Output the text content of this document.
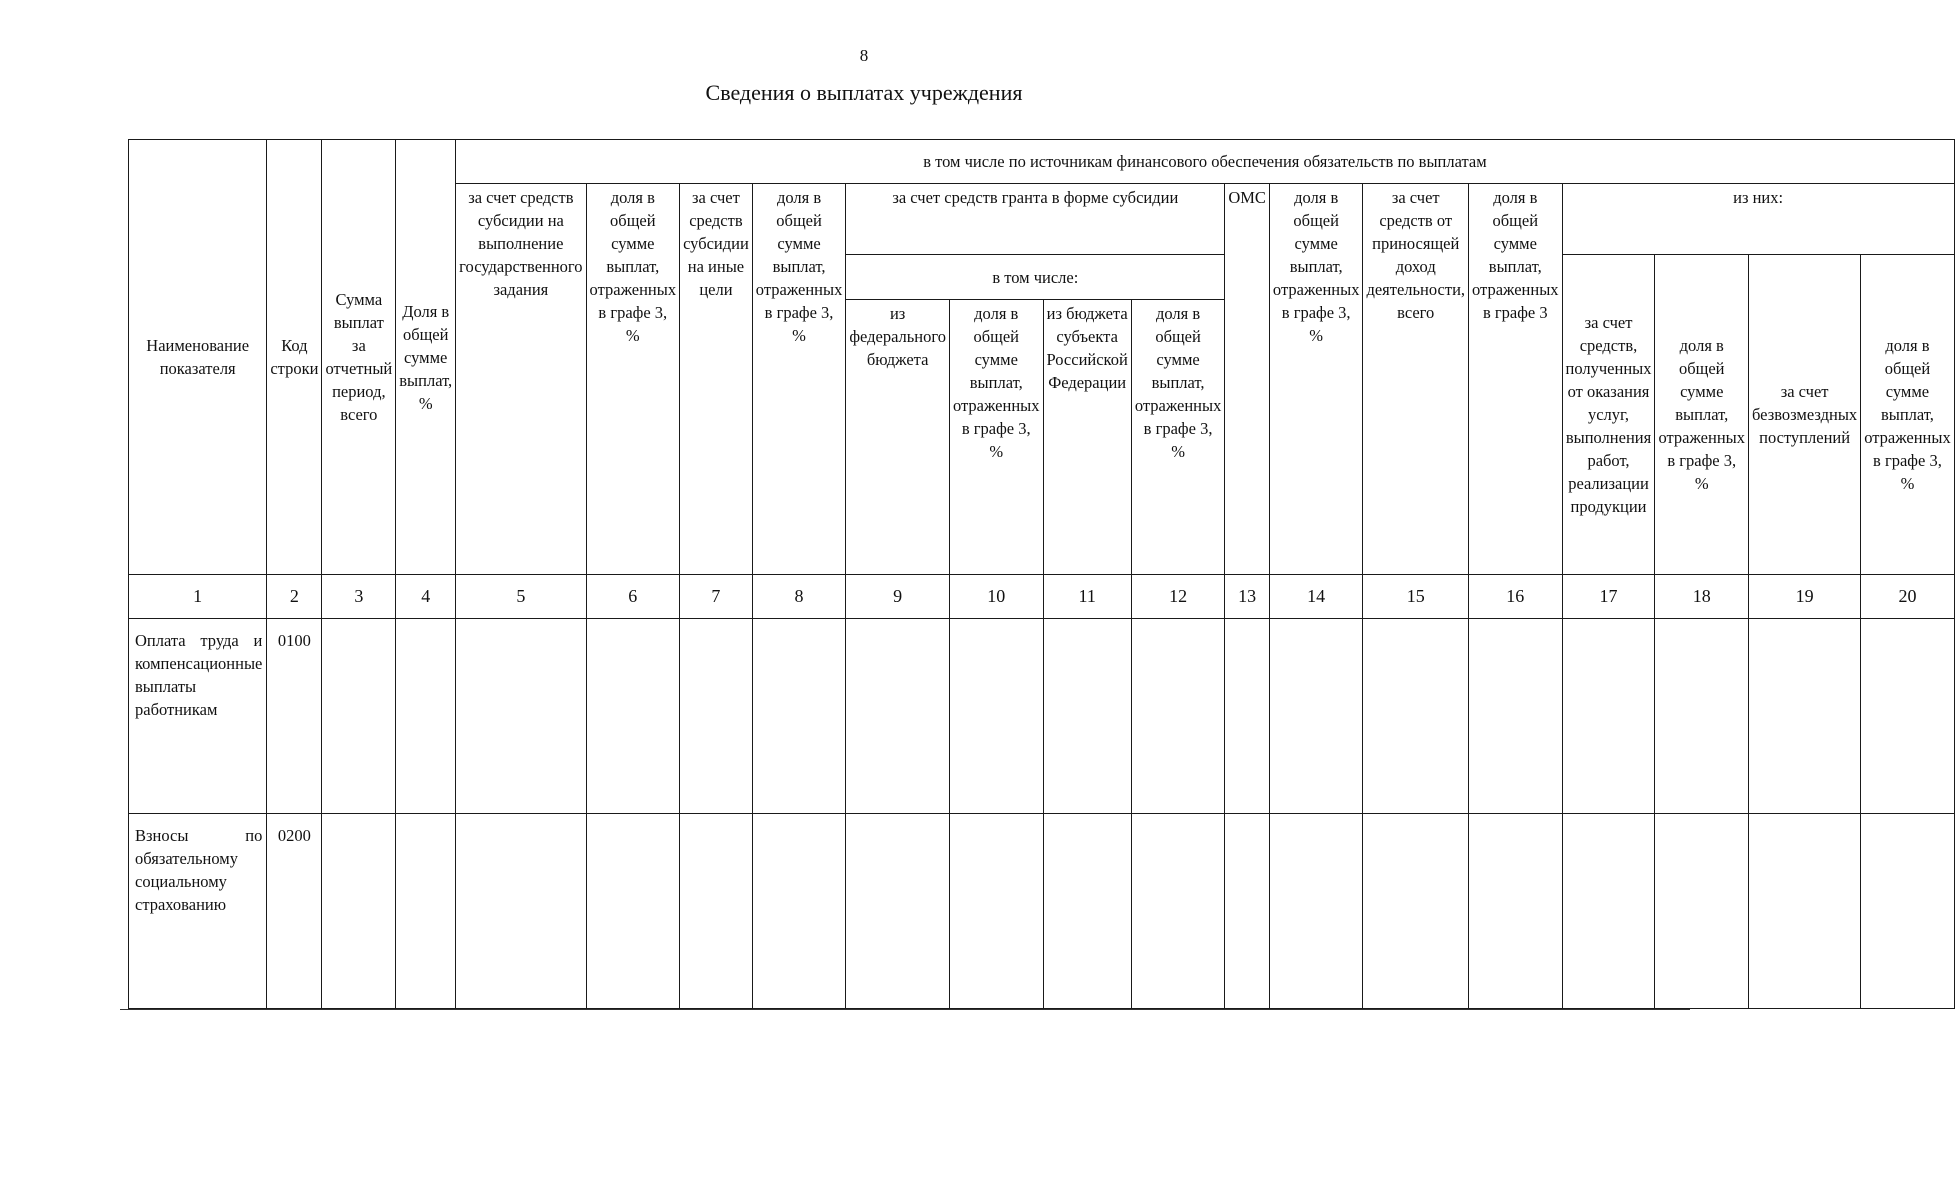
8
Сведения о выплатах учреждения
Наименование показателя	Код строки	Сумма выплат за отчетный период, всего	Доля в общей сумме выплат, %	в том числе по источникам финансового обеспечения обязательств по выплатам															
				за счет средств субсидии на выполнение государственного задания	доля в общей сумме выплат, отраженных в графе 3, %	за счет средств субсидии на иные цели	доля в общей сумме выплат, отраженных в графе 3, %	за счет средств гранта в форме субсидии				ОМС	доля в общей сумме выплат, отраженных в графе 3, %	за счет средств от приносящей доход деятельности, всего	доля в общей сумме выплат, отраженных в графе 3	из них:			
								в том числе:								за счет средств, полученных от оказания услуг, выполнения работ, реализации продукции	доля в общей сумме выплат, отраженных в графе 3, %	за счет безвозмездных поступлений	доля в общей сумме выплат, отраженных в графе 3, %
								из федерального бюджета	доля в общей сумме выплат, отраженных в графе 3, %	из бюджета субъекта Российской Федерации	доля в общей сумме выплат, отраженных в графе 3, %								
1	2	3	4	5	6	7	8	9	10	11	12	13	14	15	16	17	18	19	20
Оплата труда и компенсационные выплаты работникам	0100																		
Взносы по обязательному социальному страхованию	0200																		
